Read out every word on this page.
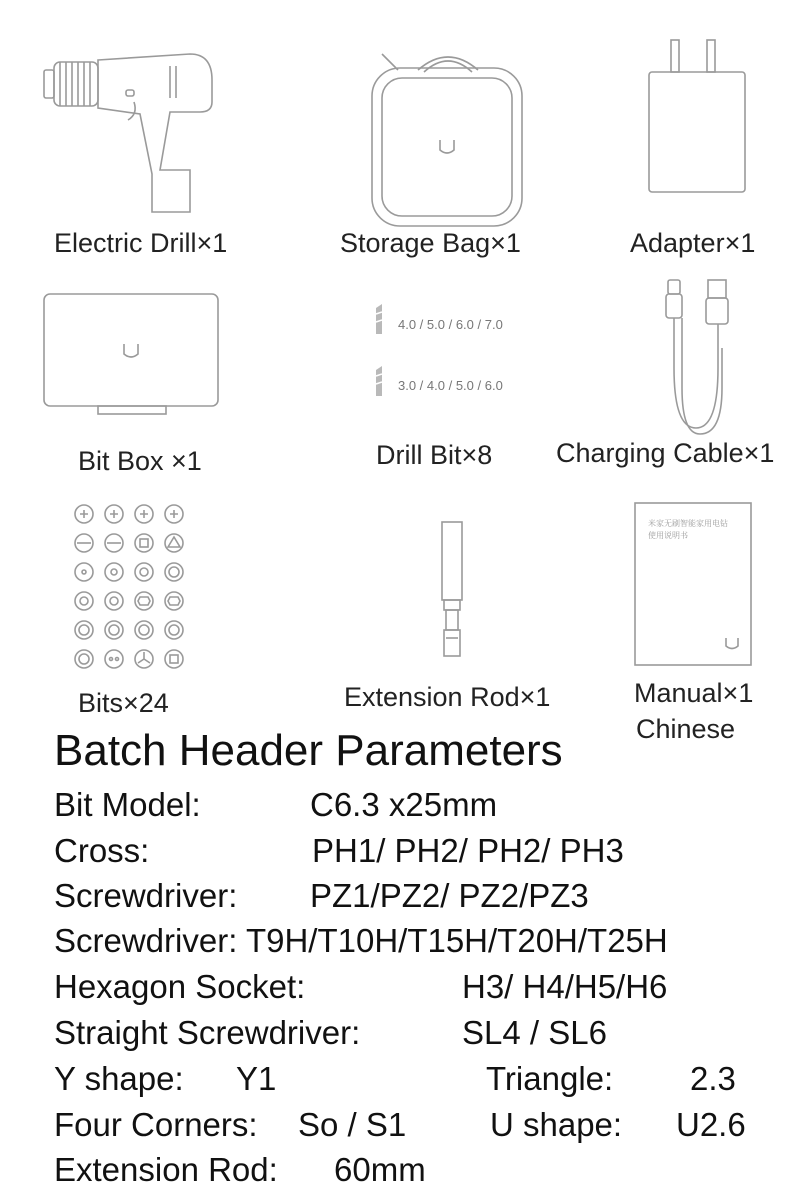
Electric Drill×1	Storage Bag×1	Adapter×1
Bit Box ×1
4.0 / 5.0 / 6.0 / 7.0
3.0 / 4.0 / 5.0 / 6.0
Drill Bit×8 Charging Cable×1
Bits×24	Extension Rod×1
米家无刷智能家用电钻
使用说明书
Manual×1
Chinese
Batch Header Parameters
Bit Model:	C6.3 x25mm
Cross:	PH1/ PH2/ PH2/ PH3
Screwdriver: PZ1/PZ2/ PZ2/PZ3
Screwdriver: T9H/T10H/T15H/T20H/T25H
Hexagon Socket:	H3/ H4/H5/H6
Straight Screwdriver:	SL4 / SL6
Y shape: Y1	Triangle: 2.3
Four Corners: So / S1	U shape: U2.6
Extension Rod: 60mm
